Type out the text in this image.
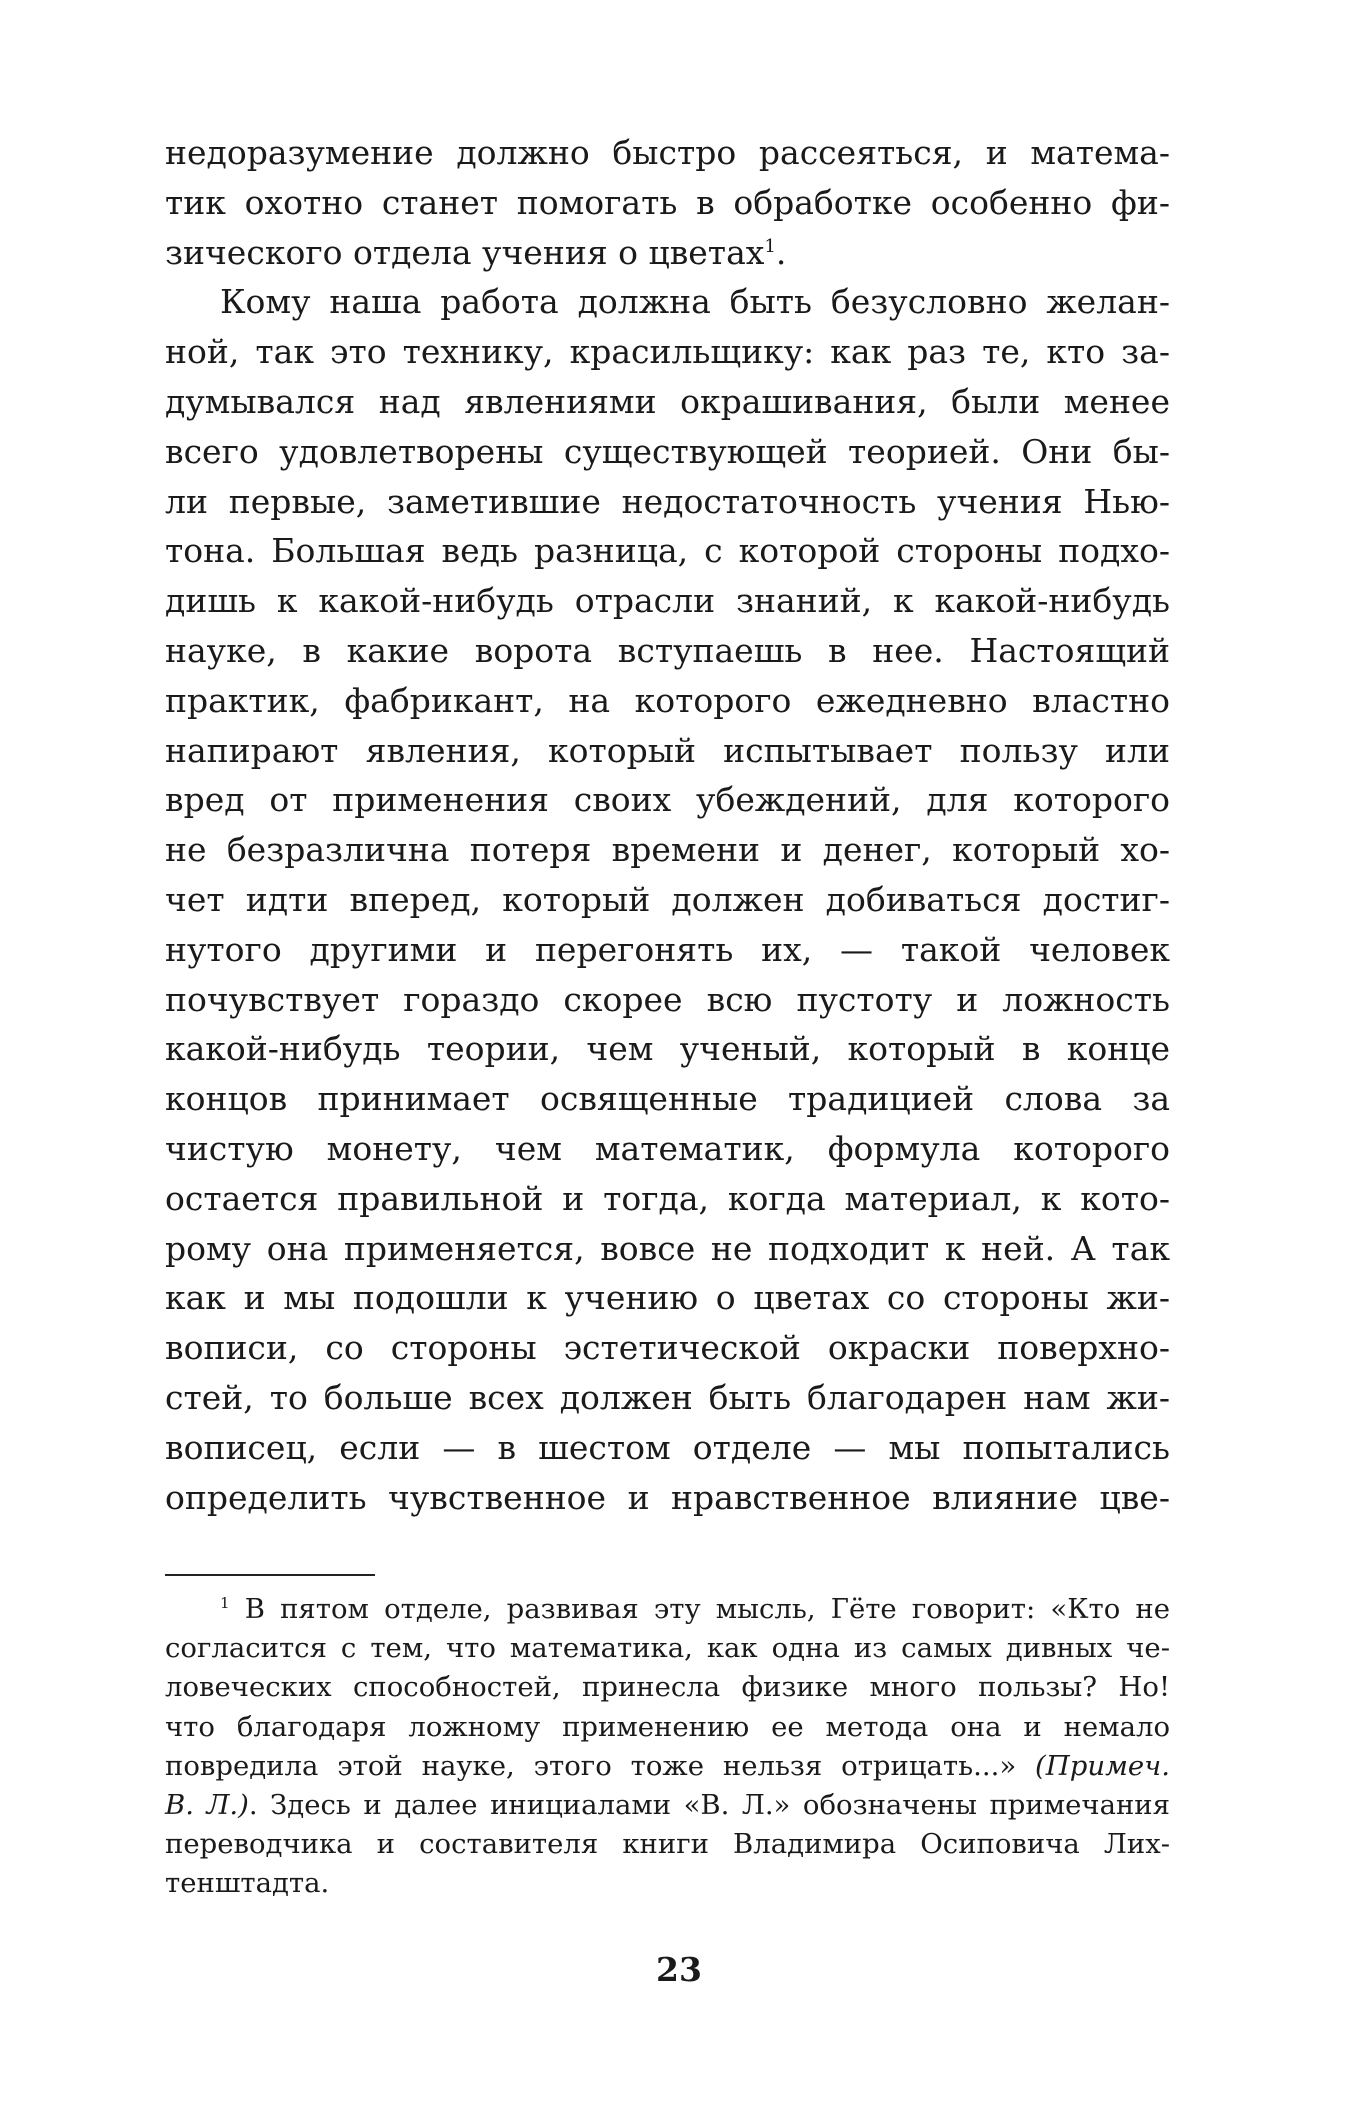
недоразумение должно быстро рассеяться, и матема-
тик охотно станет помогать в обработке особенно фи-
зического отдела учения о цветах$^1$.
Кому наша работа должна быть безусловно желан-
ной, так это технику, красильщику: как раз те, кто за-
думывался над явлениями окрашивания, были менее
всего удовлетворены существующей теорией. Они бы-
ли первые, заметившие недостаточность учения Нью-
тона. Большая ведь разница, с которой стороны подхо-
дишь к какой-нибудь отрасли знаний, к какой-нибудь
науке, в какие ворота вступаешь в нее. Настоящий
практик, фабрикант, на которого ежедневно властно
напирают явления, который испытывает пользу или
вред от применения своих убеждений, для которого
не безразлична потеря времени и денег, который хо-
чет идти вперед, который должен добиваться достиг-
нутого другими и перегонять их, — такой человек
почувствует гораздо скорее всю пустоту и ложность
какой-нибудь теории, чем ученый, который в конце
концов принимает освященные традицией слова за
чистую монету, чем математик, формула которого
остается правильной и тогда, когда материал, к кото-
рому она применяется, вовсе не подходит к ней. А так
как и мы подошли к учению о цветах со стороны жи-
вописи, со стороны эстетической окраски поверхно-
стей, то больше всех должен быть благодарен нам жи-
вописец, если — в шестом отделе — мы попытались
определить чувственное и нравственное влияние цве-
$^1$ В пятом отделе, развивая эту мысль, Гёте говорит: «Кто не
согласится с тем, что математика, как одна из самых дивных че-
ловеческих способностей, принесла физике много пользы? Но!
что благодаря ложному применению ее метода она и немало
повредила этой науке, этого тоже нельзя отрицать...» (Примеч.
В. Л.). Здесь и далее инициалами «В. Л.» обозначены примечания
переводчика и составителя книги Владимира Осиповича Лих-
тенштадта.
23
